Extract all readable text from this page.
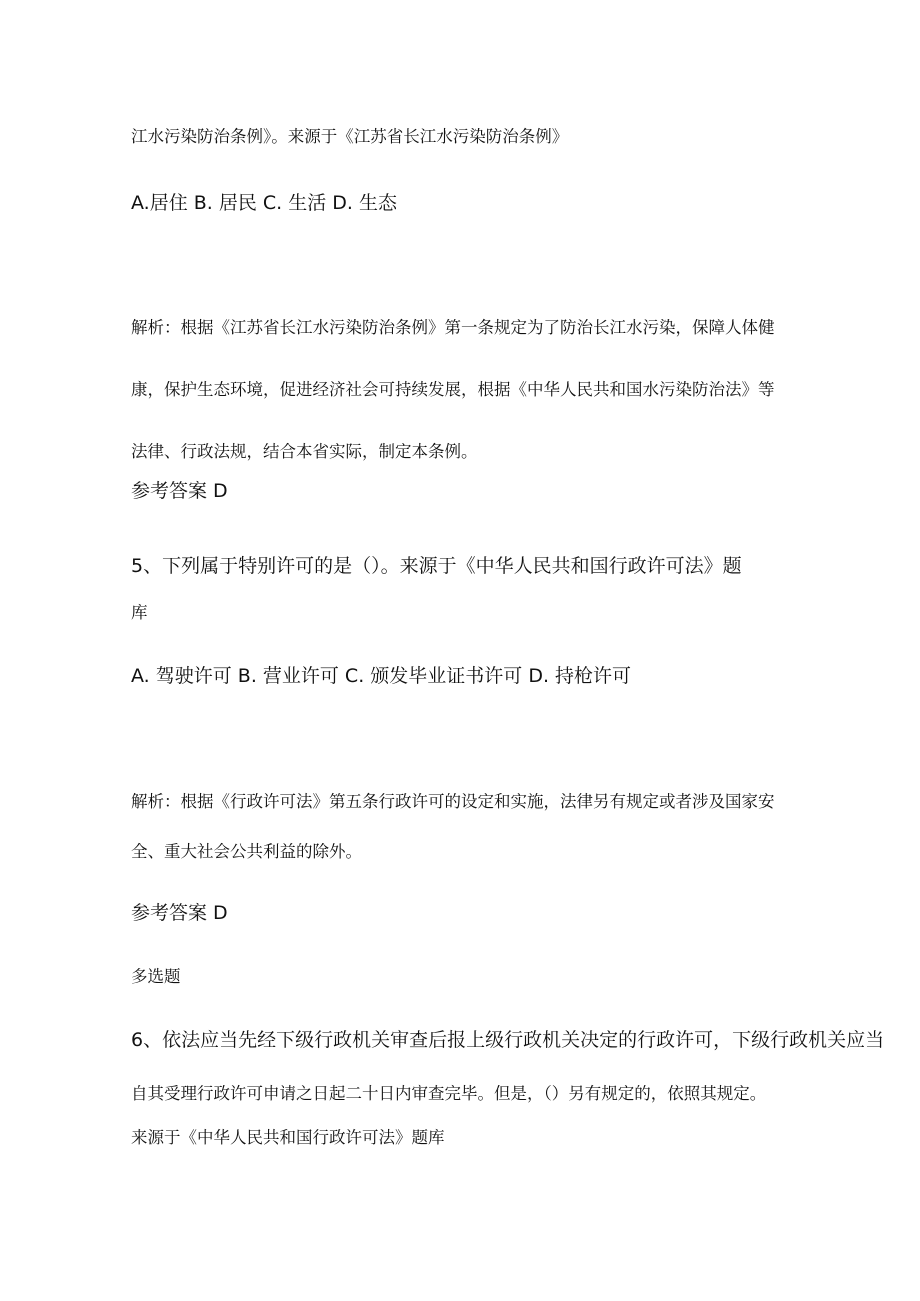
江水污染防治条例》。来源于《江苏省长江水污染防治条例》
A.居住 B. 居民 C. 生活 D. 生态
解析：根据《江苏省长江水污染防治条例》第一条规定为了防治长江水污染，保障人体健
康，保护生态环境，促进经济社会可持续发展，根据《中华人民共和国水污染防治法》等
法律、行政法规，结合本省实际，制定本条例。
参考答案 D
5、下列属于特别许可的是（）。来源于《中华人民共和国行政许可法》题
库
A. 驾驶许可 B. 营业许可 C. 颁发毕业证书许可 D. 持枪许可
解析：根据《行政许可法》第五条行政许可的设定和实施，法律另有规定或者涉及国家安
全、重大社会公共利益的除外。
参考答案 D
多选题
6、依法应当先经下级行政机关审查后报上级行政机关决定的行政许可，下级行政机关应当
自其受理行政许可申请之日起二十日内审查完毕。但是，（）另有规定的，依照其规定。
来源于《中华人民共和国行政许可法》题库
